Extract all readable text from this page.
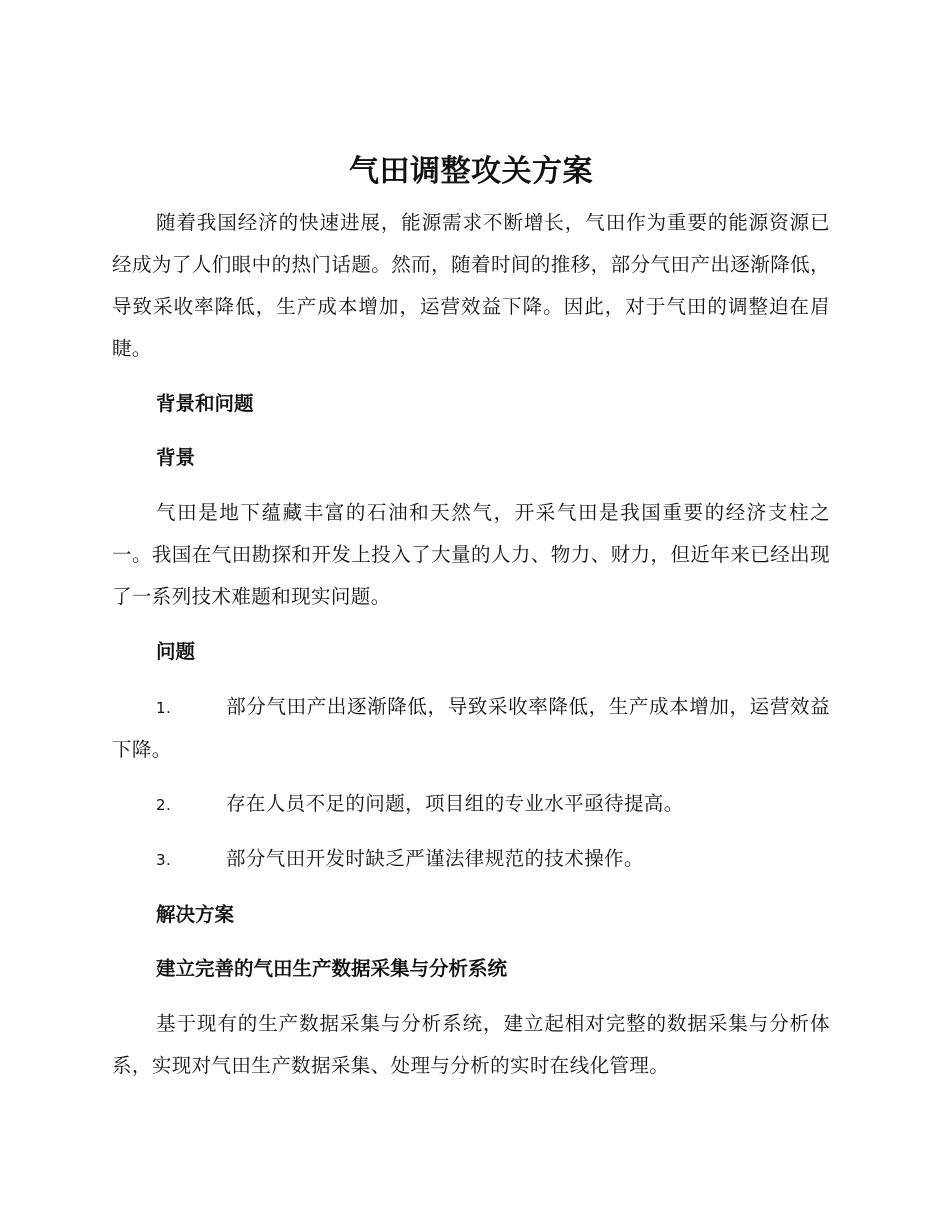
气田调整攻关方案

随着我国经济的快速进展，能源需求不断增长，气田作为重要的能源资源已经成为了人们眼中的热门话题。然而，随着时间的推移，部分气田产出逐渐降低，导致采收率降低，生产成本增加，运营效益下降。因此，对于气田的调整迫在眉睫。

背景和问题
背景

气田是地下蕴藏丰富的石油和天然气，开采气田是我国重要的经济支柱之一。我国在气田勘探和开发上投入了大量的人力、物力、财力，但近年来已经出现了一系列技术难题和现实问题。

问题
1.	部分气田产出逐渐降低，导致采收率降低，生产成本增加，运营效益下降。
2.	存在人员不足的问题，项目组的专业水平亟待提高。
3.	部分气田开发时缺乏严谨法律规范的技术操作。
解决方案
建立完善的气田生产数据采集与分析系统

基于现有的生产数据采集与分析系统，建立起相对完整的数据采集与分析体系，实现对气田生产数据采集、处理与分析的实时在线化管理。
